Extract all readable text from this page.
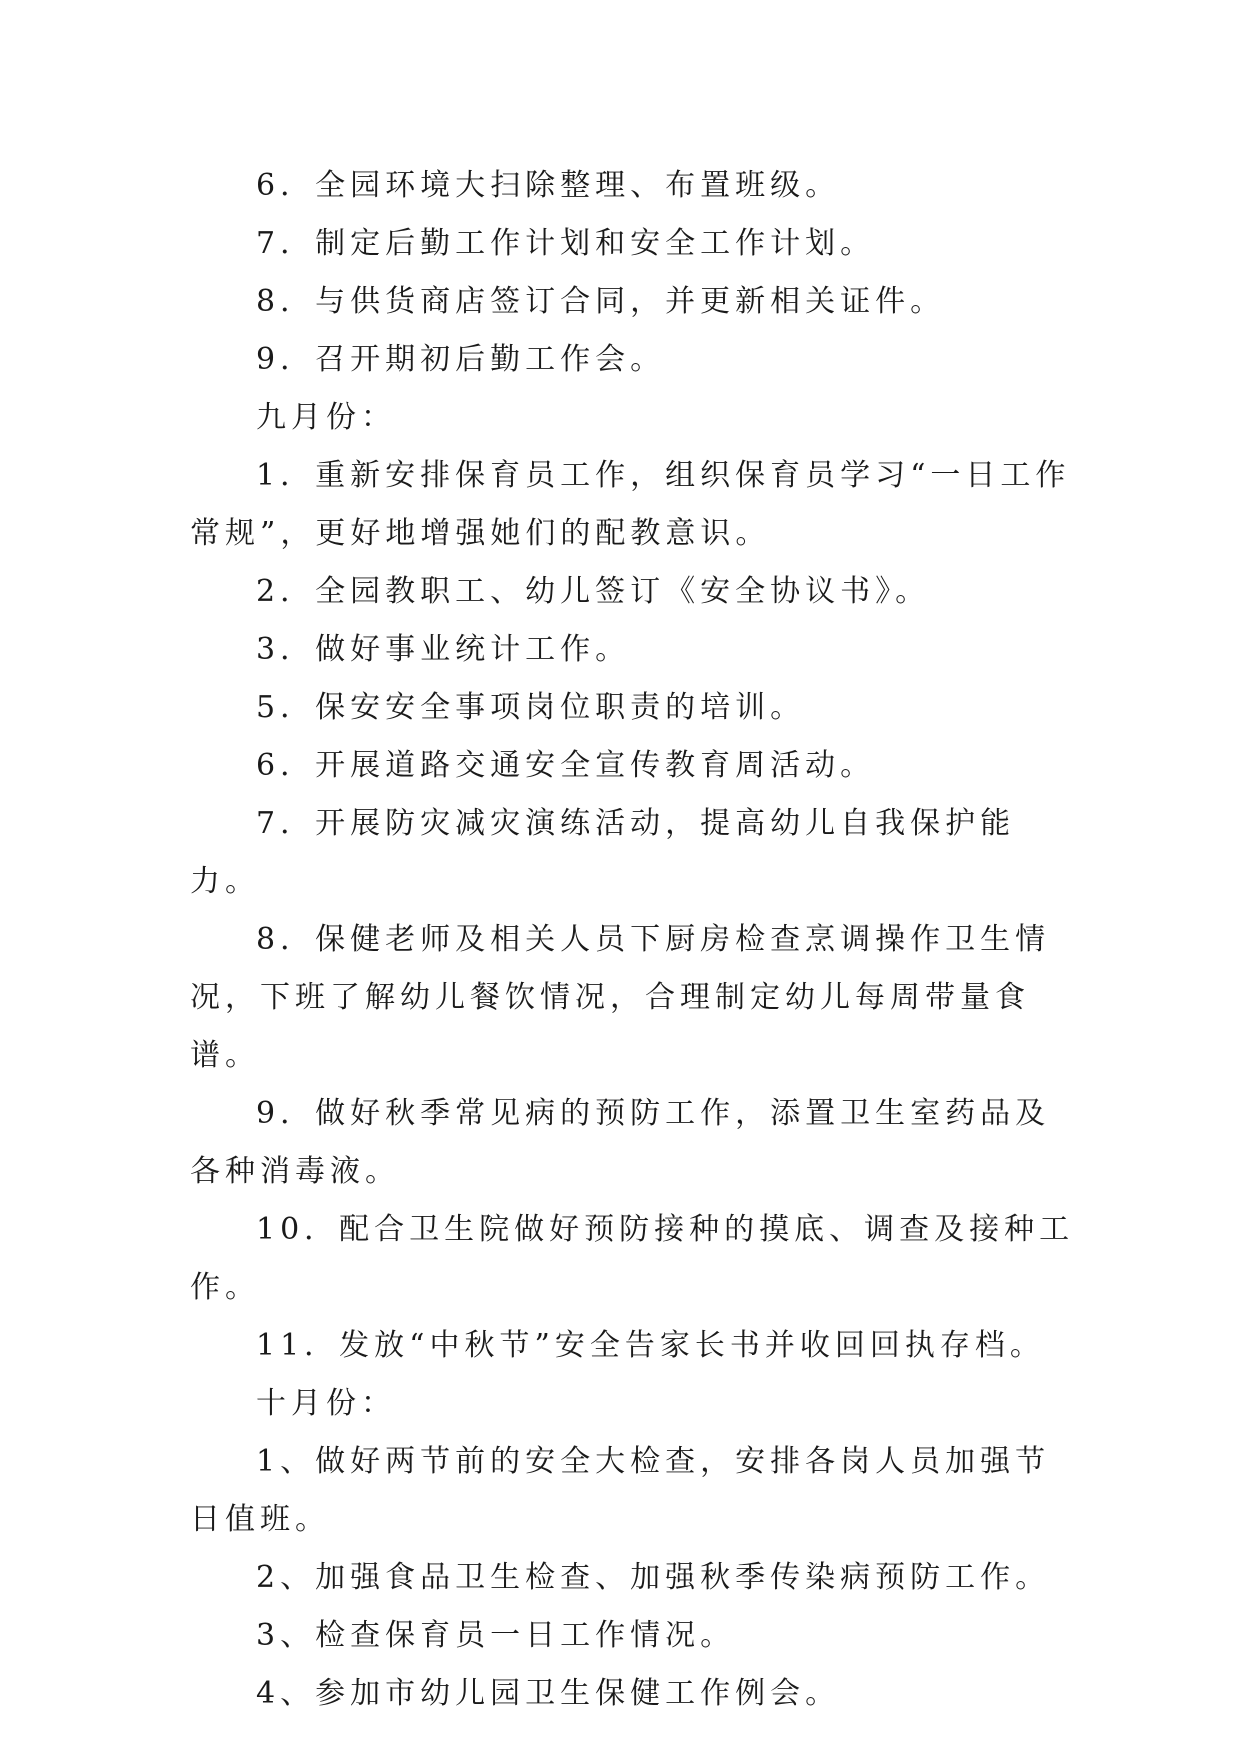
6．全园环境大扫除整理、布置班级。

7．制定后勤工作计划和安全工作计划。

8．与供货商店签订合同，并更新相关证件。

9．召开期初后勤工作会。

九月份：

1．重新安排保育员工作，组织保育员学习“一日工作常规”，更好地增强她们的配教意识。

2．全园教职工、幼儿签订《安全协议书》。

3．做好事业统计工作。

5．保安安全事项岗位职责的培训。

6．开展道路交通安全宣传教育周活动。

7．开展防灾减灾演练活动，提高幼儿自我保护能力。

8．保健老师及相关人员下厨房检查烹调操作卫生情况，下班了解幼儿餐饮情况，合理制定幼儿每周带量食谱。

9．做好秋季常见病的预防工作，添置卫生室药品及各种消毒液。

10．配合卫生院做好预防接种的摸底、调查及接种工作。

11．发放“中秋节”安全告家长书并收回回执存档。

十月份：

1、做好两节前的安全大检查，安排各岗人员加强节日值班。

2、加强食品卫生检查、加强秋季传染病预防工作。

3、检查保育员一日工作情况。

4、参加市幼儿园卫生保健工作例会。
